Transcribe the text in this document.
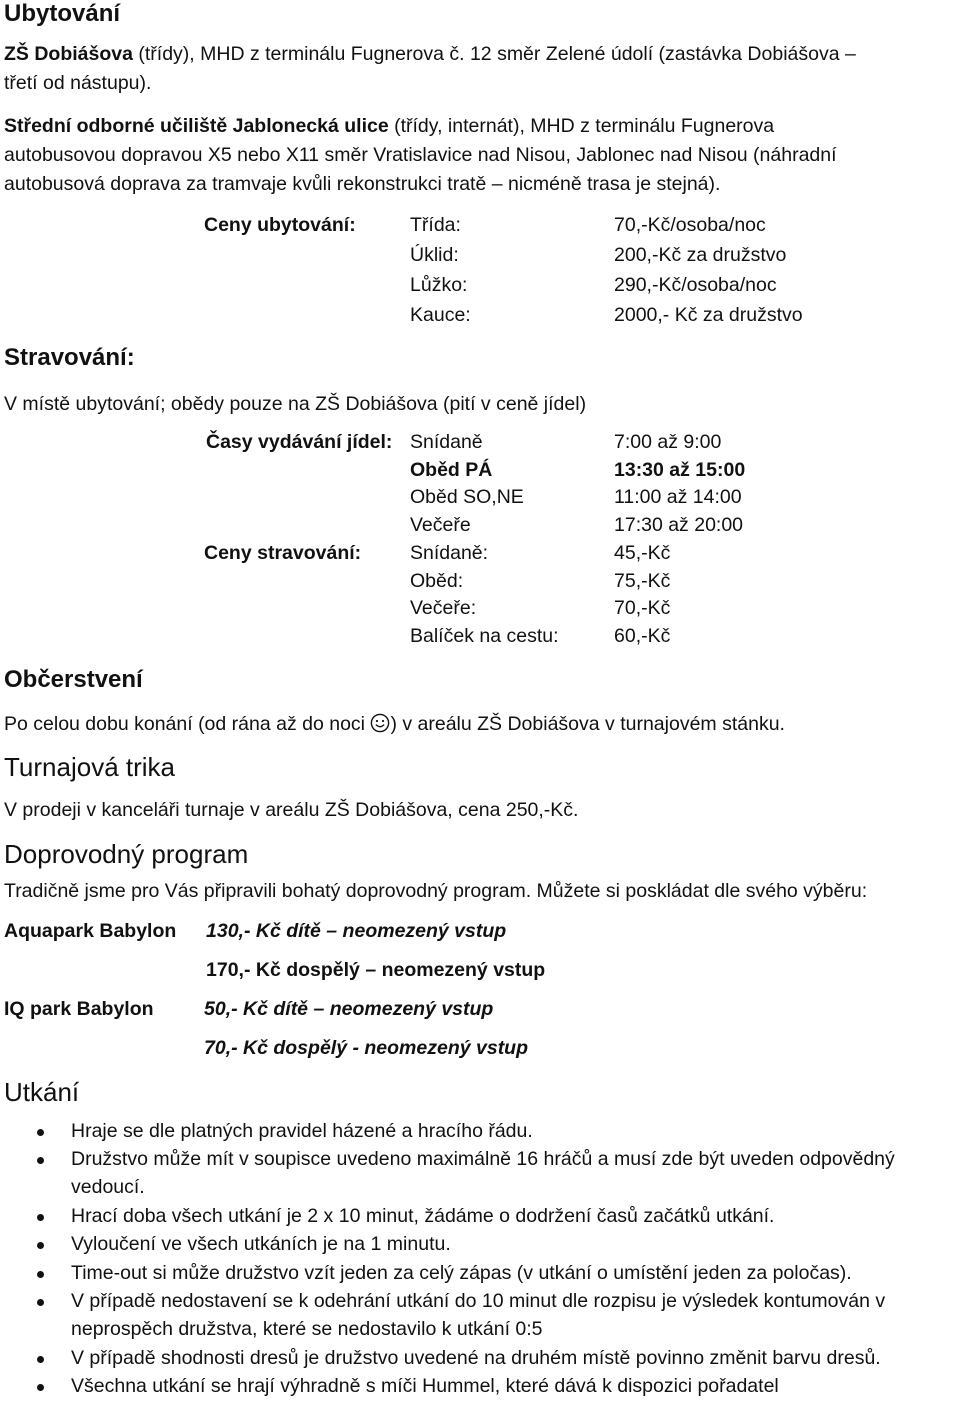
Ubytování
ZŠ Dobiášova (třídy), MHD z terminálu Fugnerova č. 12 směr Zelené údolí (zastávka Dobiášova –
třetí od nástupu).
Střední odborné učiliště Jablonecká ulice (třídy, internát), MHD z terminálu Fugnerova
autobusovou dopravou X5 nebo X11 směr Vratislavice nad Nisou, Jablonec nad Nisou (náhradní
autobusová doprava za tramvaje kvůli rekonstrukci tratě – nicméně trasa je stejná).
Ceny ubytování:	Třída:	70,-Kč/osoba/noc
Úklid:	200,-Kč za družstvo
Lůžko:	290,-Kč/osoba/noc
Kauce:	2000,- Kč za družstvo
Stravování:
V místě ubytování; obědy pouze na ZŠ Dobiášova (pití v ceně jídel)
Časy vydávání jídel: Snídaně	7:00 až 9:00
Oběd PÁ	13:30 až 15:00
Oběd SO,NE	11:00 až 14:00
Večeře	17:30 až 20:00
Ceny stravování:	Snídaně:	45,-Kč
Oběd:	75,-Kč
Večeře:	70,-Kč
Balíček na cestu:	60,-Kč
Občerstvení
Po celou dobu konání (od rána až do noci ) v areálu ZŠ Dobiášova v turnajovém stánku.
Turnajová trika
V prodeji v kanceláři turnaje v areálu ZŠ Dobiášova, cena 250,-Kč.
Doprovodný program
Tradičně jsme pro Vás připravili bohatý doprovodný program. Můžete si poskládat dle svého výběru:
Aquapark Babylon 130,- Kč dítě – neomezený vstup
170,- Kč dospělý – neomezený vstup
IQ park Babylon	50,- Kč dítě – neomezený vstup
70,- Kč dospělý - neomezený vstup
Utkání
Hraje se dle platných pravidel házené a hracího řádu.
Družstvo může mít v soupisce uvedeno maximálně 16 hráčů a musí zde být uveden odpovědný
vedoucí.
Hrací doba všech utkání je 2 x 10 minut, žádáme o dodržení časů začátků utkání.
Vyloučení ve všech utkáních je na 1 minutu.
Time-out si může družstvo vzít jeden za celý zápas (v utkání o umístění jeden za poločas).
V případě nedostavení se k odehrání utkání do 10 minut dle rozpisu je výsledek kontumován v
neprospěch družstva, které se nedostavilo k utkání 0:5
V případě shodnosti dresů je družstvo uvedené na druhém místě povinno změnit barvu dresů.
Všechna utkání se hrají výhradně s míči Hummel, které dává k dispozici pořadatel
